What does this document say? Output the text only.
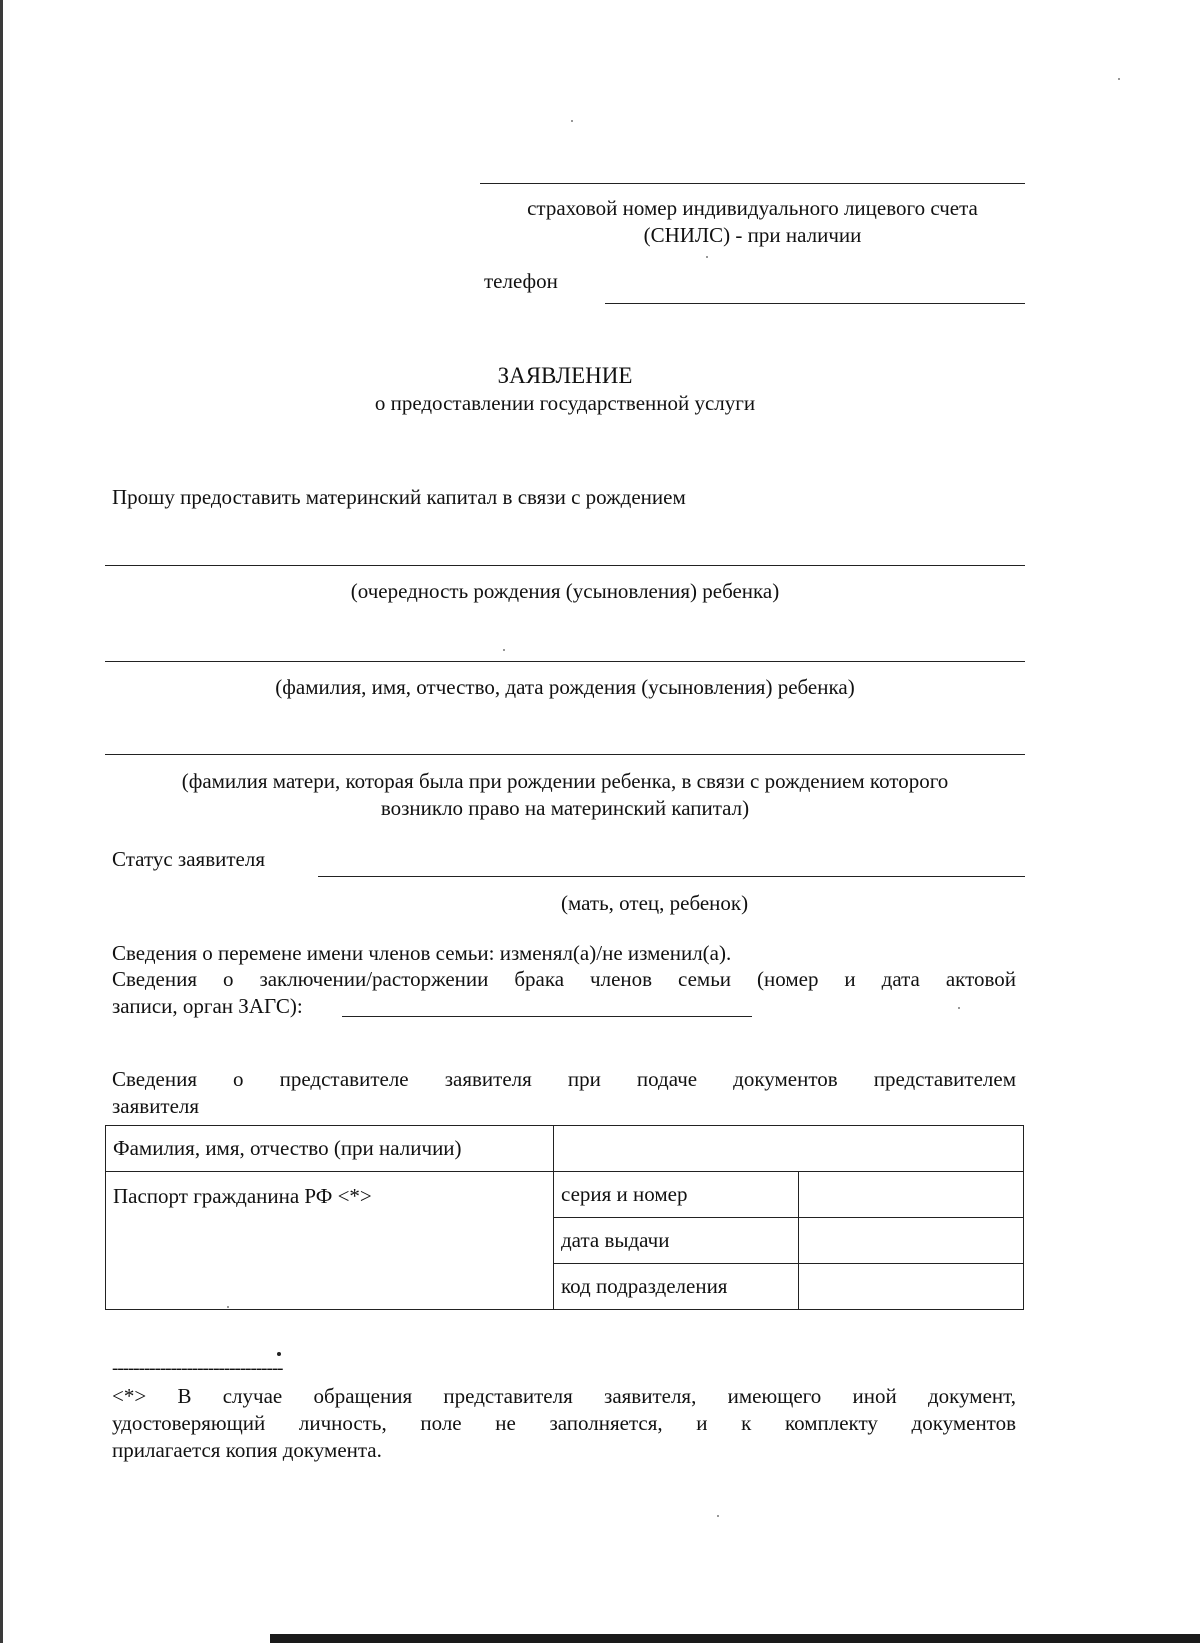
страховой номер индивидуального лицевого счета
(СНИЛС) - при наличии
телефон
ЗАЯВЛЕНИЕ
о предоставлении государственной услуги
Прошу предоставить материнский капитал в связи с рождением
(очередность рождения (усыновления) ребенка)
(фамилия, имя, отчество, дата рождения (усыновления) ребенка)
(фамилия матери, которая была при рождении ребенка, в связи с рождением которого
возникло право на материнский капитал)
Статус заявителя
(мать, отец, ребенок)
Сведения о перемене имени членов семьи: изменял(а)/не изменил(а).
Сведения о заключении/расторжении брака членов семьи (номер и дата актовой
записи, орган ЗАГС):
Сведения о представителе заявителя при подаче документов представителем
заявителя
Фамилия, имя, отчество (при наличии)		
Паспорт гражданина РФ <*>	серия и номер	
	дата выдачи	
	код подразделения	
--------------------------------
<*> В случае обращения представителя заявителя, имеющего иной документ,
удостоверяющий личность, поле не заполняется, и к комплекту документов
прилагается копия документа.
